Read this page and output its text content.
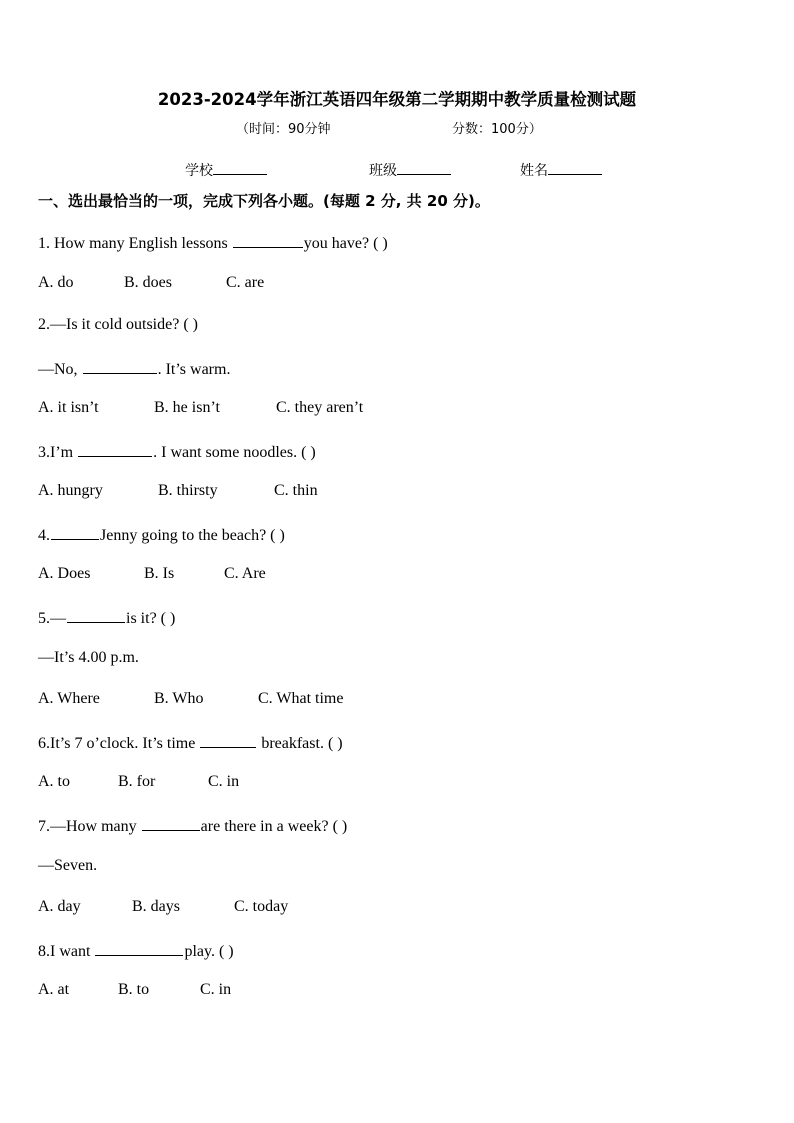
2023-2024学年浙江英语四年级第二学期期中教学质量检测试题
（时间：90分钟	分数：100分）
学校	班级	姓名
一、选出最恰当的一项，完成下列各小题。(每题 2 分, 共 20 分)。
1. How many English lessons	you have? ( )
A. do	B. does	C. are
2.—Is it cold outside? ( )
—No,	. It’s warm.
A. it isn’t	B. he isn’t	C. they aren’t
3.I’m	. I want some noodles. ( )
A. hungry	B. thirsty	C. thin
4.	Jenny going to the beach? ( )
A. Does	B. Is	C. Are
5.—	is it? ( )
—It’s 4.00 p.m.
A. Where	B. Who	C. What time
6.It’s 7 o’clock. It’s time	breakfast. ( )
A. to	B. for	C. in
7.—How many	are there in a week? ( )
—Seven.
A. day	B. days	C. today
8.I want	play. ( )
A. at	B. to	C. in
